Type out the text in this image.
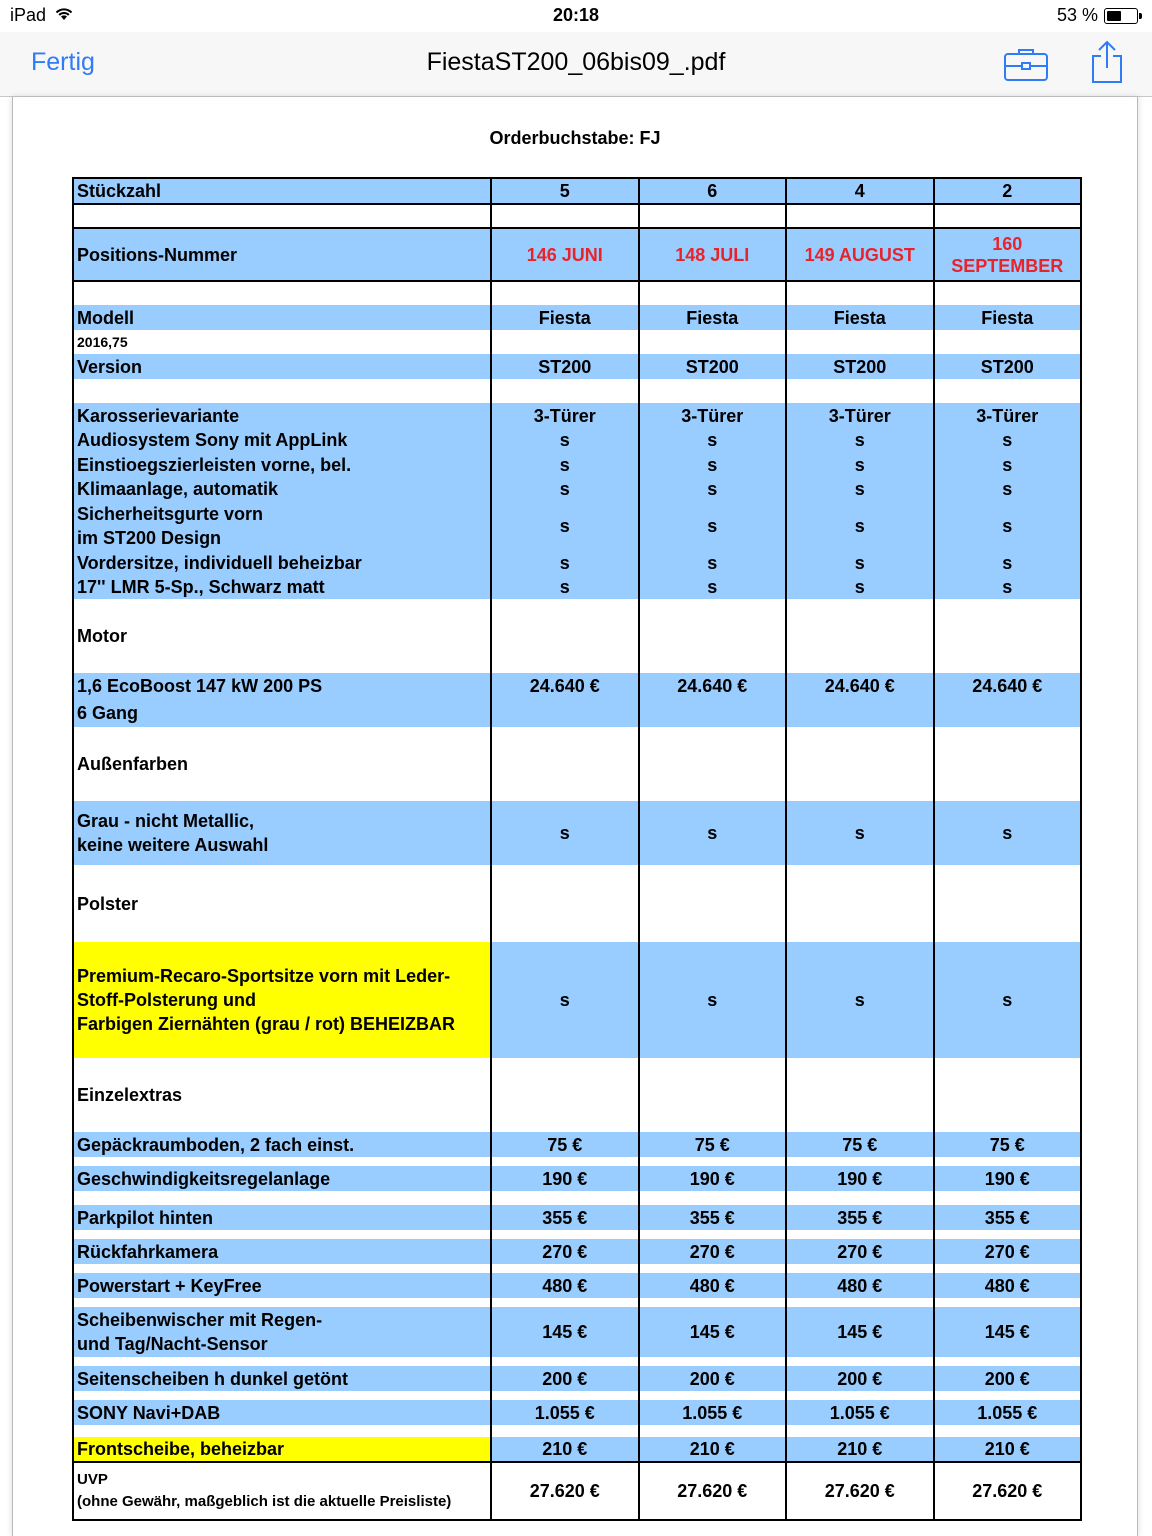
iPad	20:18	53 %
Fertig	FiestaST200_06bis09_.pdf
Orderbuchstabe: FJ
Stückzahl	5	6	4	2

Positions-Nummer	146 JUNI	148 JULI	149 AUGUST	160 SEPTEMBER

Modell	Fiesta	Fiesta	Fiesta	Fiesta
2016,75				
Version	ST200	ST200	ST200	ST200

Karosserievariante	3-Türer	3-Türer	3-Türer	3-Türer
Audiosystem Sony mit AppLink	s	s	s	s
Einstioegszierleisten vorne, bel.	s	s	s	s
Klimaanlage, automatik	s	s	s	s

Sicherheitsgurte vorn
im ST200 Design	s	s	s	s
Vordersitze, individuell beheizbar	s	s	s	s
17'' LMR 5-Sp., Schwarz matt	s	s	s	s
Motor				

1,6 EcoBoost 147 kW 200 PS
6 Gang	24.640 €	24.640 €	24.640 €	24.640 €
Außenfarben				

Grau - nicht Metallic,
keine weitere Auswahl	s	s	s	s
Polster				

Premium-Recaro-Sportsitze vorn mit Leder-
Stoff-Polsterung und
Farbigen Ziernähten (grau / rot) BEHEIZBAR	s	s	s	s
Einzelextras				
Gepäckraumboden, 2 fach einst.	75 €	75 €	75 €	75 €

Geschwindigkeitsregelanlage	190 €	190 €	190 €	190 €

Parkpilot hinten	355 €	355 €	355 €	355 €

Rückfahrkamera	270 €	270 €	270 €	270 €

Powerstart + KeyFree	480 €	480 €	480 €	480 €

Scheibenwischer mit Regen-
und Tag/Nacht-Sensor	145 €	145 €	145 €	145 €

Seitenscheiben h dunkel getönt	200 €	200 €	200 €	200 €

SONY Navi+DAB	1.055 €	1.055 €	1.055 €	1.055 €

Frontscheibe, beheizbar	210 €	210 €	210 €	210 €

UVP
(ohne Gewähr, maßgeblich ist die aktuelle Preisliste)	27.620 €	27.620 €	27.620 €	27.620 €
